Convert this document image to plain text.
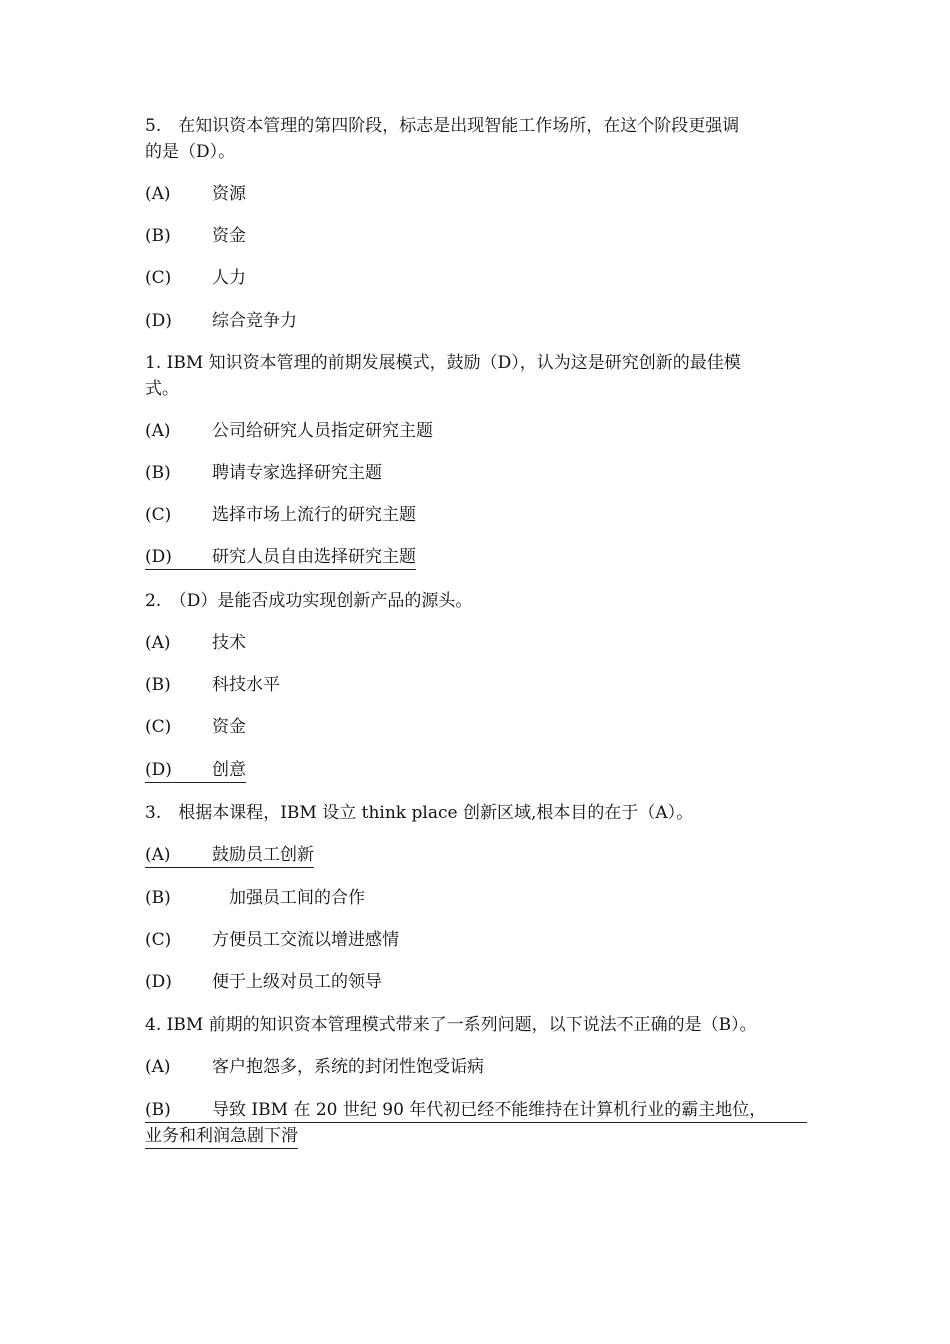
5.　在知识资本管理的第四阶段，标志是出现智能工作场所，在这个阶段更强调
的是（D）。
(A) 资源
(B) 资金
(C) 人力
(D) 综合竞争力
1. IBM 知识资本管理的前期发展模式，鼓励（D），认为这是研究创新的最佳模
式。
(A) 公司给研究人员指定研究主题
(B) 聘请专家选择研究主题
(C) 选择市场上流行的研究主题
(D) 研究人员自由选择研究主题
2.　（D）是能否成功实现创新产品的源头。
(A) 技术
(B) 科技水平
(C) 资金
(D) 创意
3.　根据本课程，IBM 设立 think place 创新区域,根本目的在于（A）。
(A) 鼓励员工创新
(B)　加强员工间的合作
(C) 方便员工交流以增进感情
(D) 便于上级对员工的领导
4. IBM 前期的知识资本管理模式带来了一系列问题，以下说法不正确的是（B）。
(A) 客户抱怨多，系统的封闭性饱受诟病
(B) 导致 IBM 在 20 世纪 90 年代初已经不能维持在计算机行业的霸主地位，
业务和利润急剧下滑
